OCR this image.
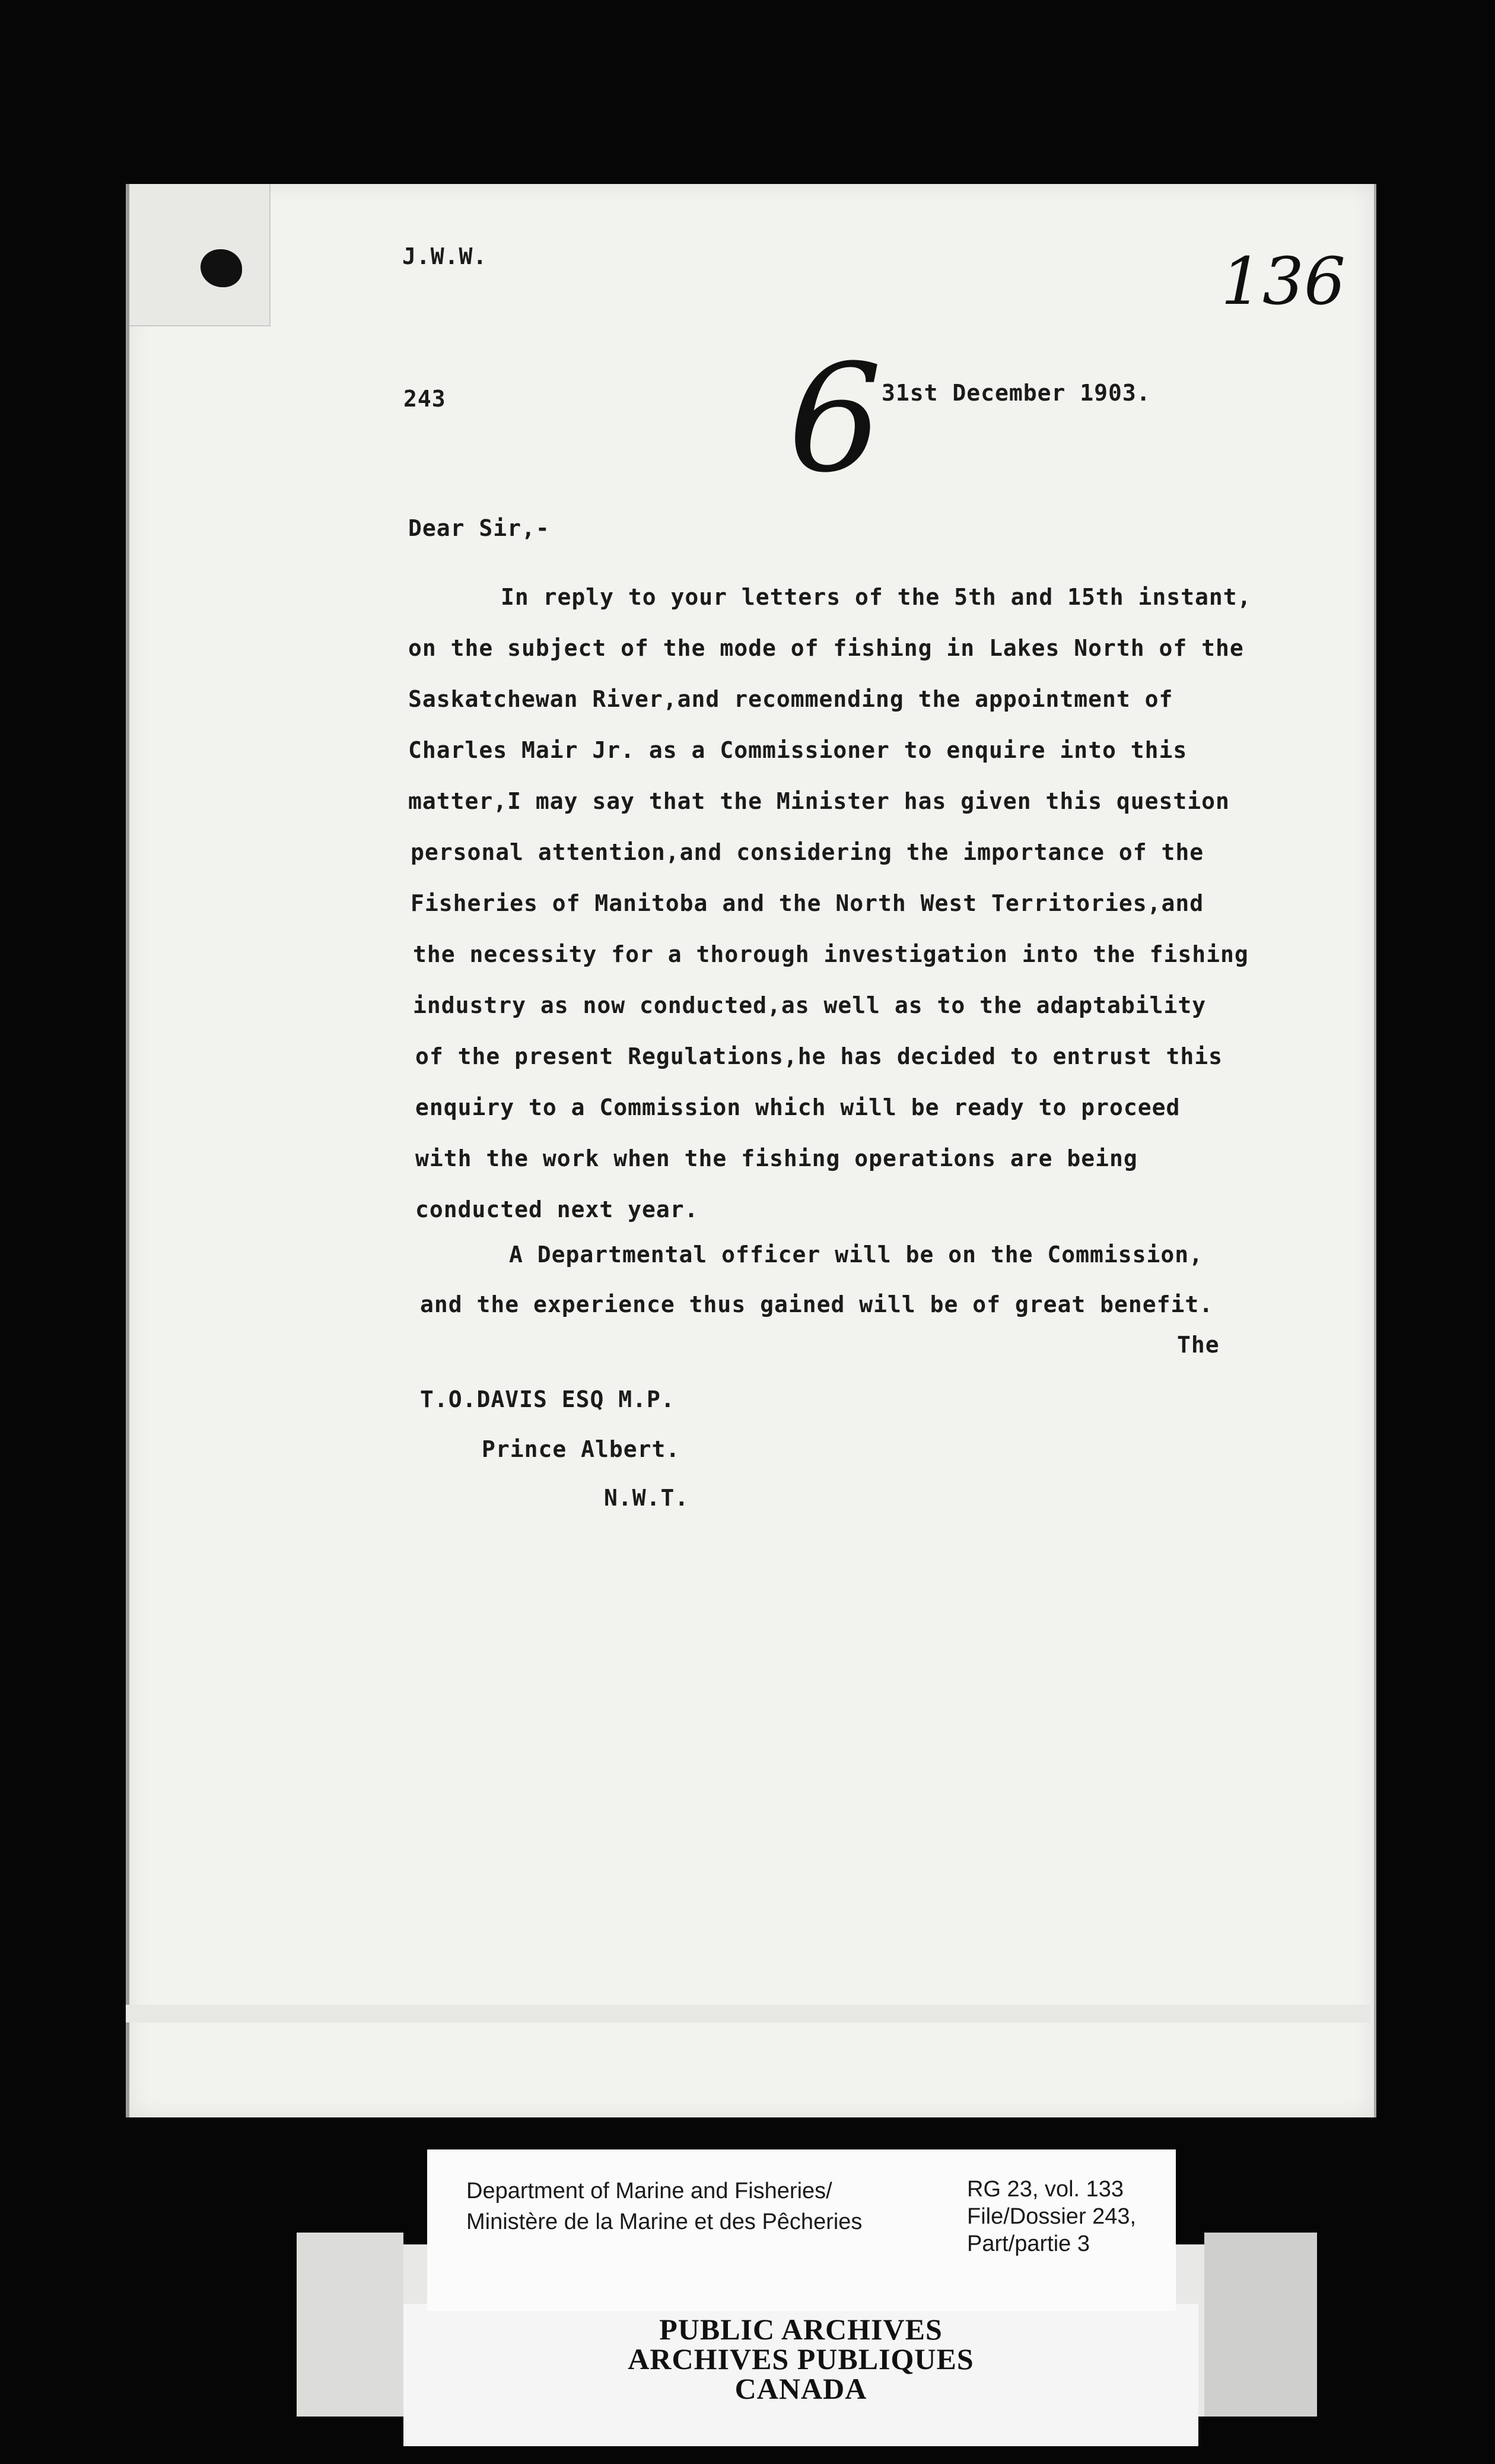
J.W.W.	136
243 6
31st December 1903.
Dear Sir,-
In reply to your letters of the 5th and 15th instant,
on the subject of the mode of fishing in Lakes North of the
Saskatchewan River,and recommending the appointment of
Charles Mair Jr. as a Commissioner to enquire into this
matter,I may say that the Minister has given this question
personal attention,and considering the importance of the
Fisheries of Manitoba and the North West Territories,and
the necessity for a thorough investigation into the fishing
industry as now conducted,as well as to the adaptability
of the present Regulations,he has decided to entrust this
enquiry to a Commission which will be ready to proceed
with the work when the fishing operations are being
conducted next year.
A Departmental officer will be on the Commission,
and the experience thus gained will be of great benefit.
The
T.O.DAVIS ESQ M.P.
Prince Albert.
N.W.T.
Department of Marine and Fisheries/
Ministère de la Marine et des Pêcheries
RG 23, vol. 133
File/Dossier 243,
Part/partie 3
PUBLIC ARCHIVES
ARCHIVES PUBLIQUES
CANADA
